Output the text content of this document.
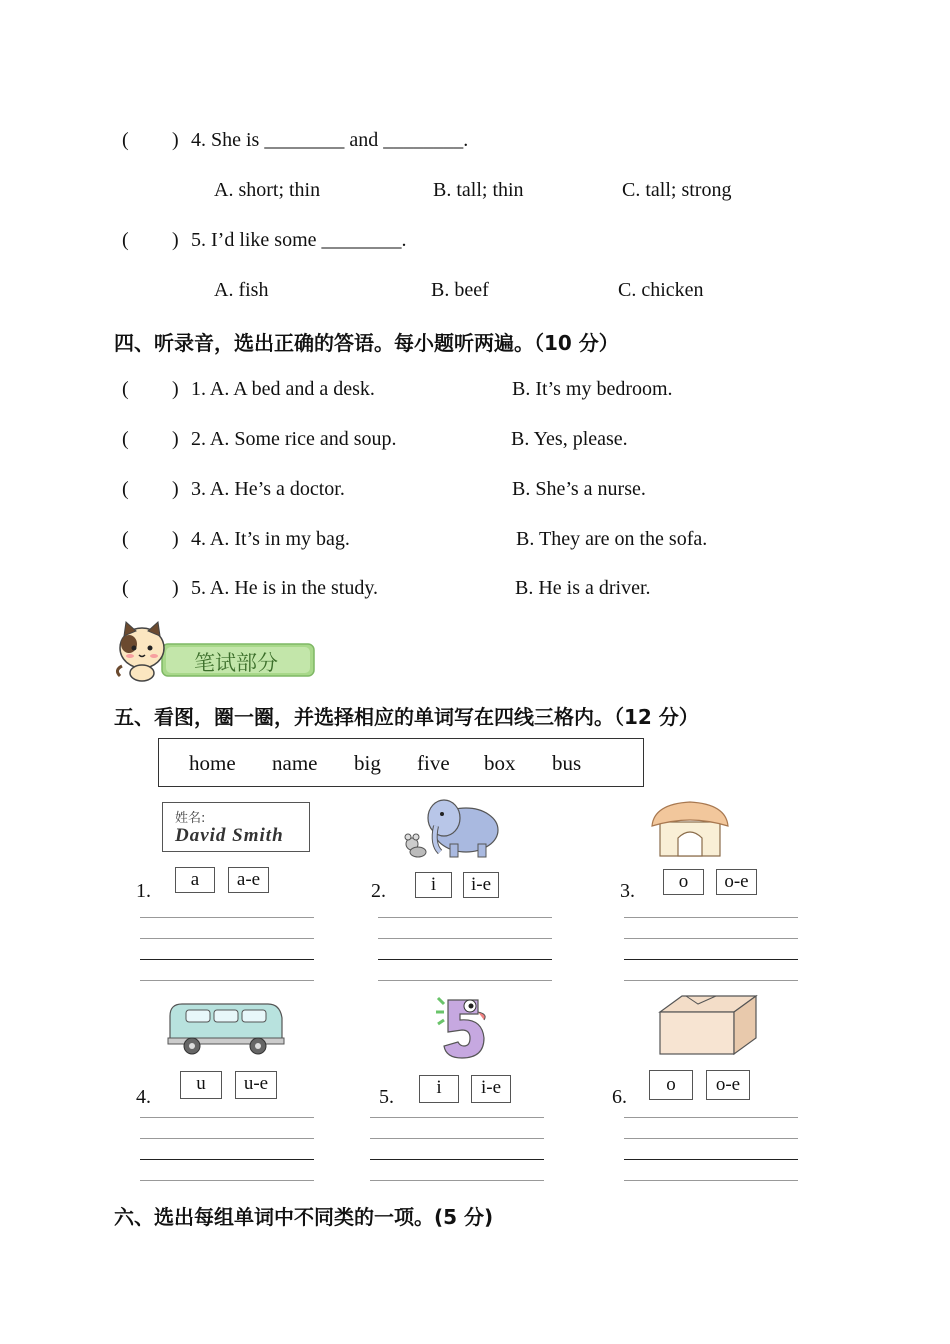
( ) 4. She is ________ and ________.
A. short; thin	B. tall; thin	C. tall; strong
( ) 5. I’d like some ________.
A. fish	B. beef	C. chicken
四、听录音，选出正确的答语。每小题听两遍。（10 分）
( ) 1. A. A bed and a desk.	B. It’s my bedroom.
( ) 2. A. Some rice and soup.	B. Yes, please.
( ) 3. A. He’s a doctor.	B. She’s a nurse.
( ) 4. A. It’s in my bag.	B. They are on the sofa.
( ) 5. A. He is in the study.	B. He is a driver.
笔试部分
五、看图，圈一圈，并选择相应的单词写在四线三格内。（12 分）
home name big five box bus
姓名:
David Smith
1.
a	a-e
2.	i	i-e	3.	o	o-e
4.
u	u-e
5.	i	i-e	6.
o	o-e
六、选出每组单词中不同类的一项。(5 分)
